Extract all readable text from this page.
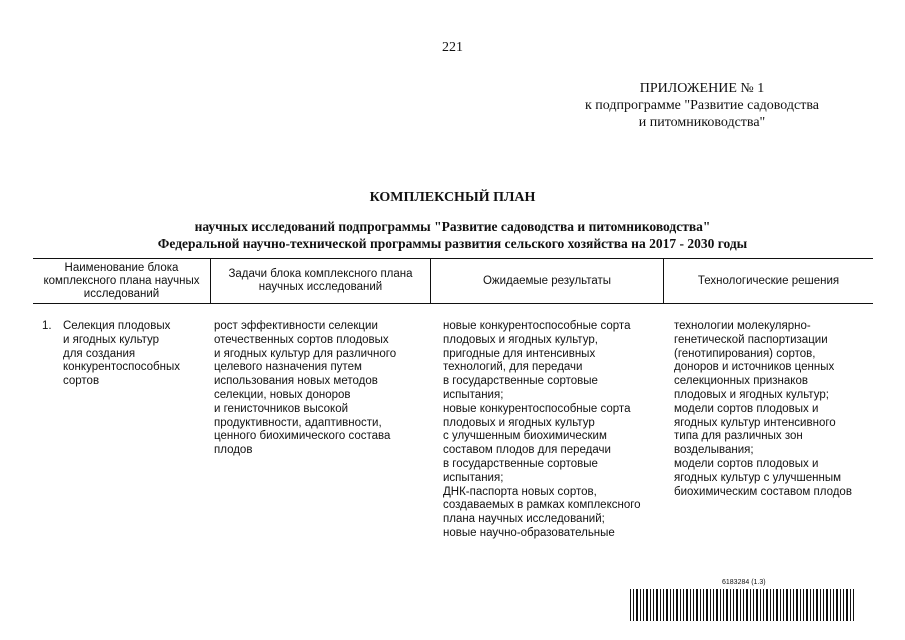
221
ПРИЛОЖЕНИЕ № 1
к подпрограмме "Развитие садоводства
и питомниководства"
КОМПЛЕКСНЫЙ ПЛАН
научных исследований подпрограммы "Развитие садоводства и питомниководства"
Федеральной научно-технической программы развития сельского хозяйства на 2017 - 2030 годы
Наименование блока комплексного плана научных исследований
Задачи блока комплексного плана научных исследований
Ожидаемые результаты	Технологические решения
1. Селекция плодовых
и ягодных культур
для создания
конкурентоспособных
сортов
рост эффективности селекции
отечественных сортов плодовых
и ягодных культур для различного
целевого назначения путем
использования новых методов
селекции, новых доноров
и генисточников высокой
продуктивности, адаптивности,
ценного биохимического состава
плодов
новые конкурентоспособные сорта
плодовых и ягодных культур,
пригодные для интенсивных
технологий, для передачи
в государственные сортовые
испытания;
новые конкурентоспособные сорта
плодовых и ягодных культур
с улучшенным биохимическим
составом плодов для передачи
в государственные сортовые
испытания;
ДНК-паспорта новых сортов,
создаваемых в рамках комплексного
плана научных исследований;
новые научно-образовательные
технологии молекулярно-
генетической паспортизации
(генотипирования) сортов,
доноров и источников ценных
селекционных признаков
плодовых и ягодных культур;
модели сортов плодовых и
ягодных культур интенсивного
типа для различных зон
возделывания;
модели сортов плодовых и
ягодных культур с улучшенным
биохимическим составом плодов
6183284 (1.3)
